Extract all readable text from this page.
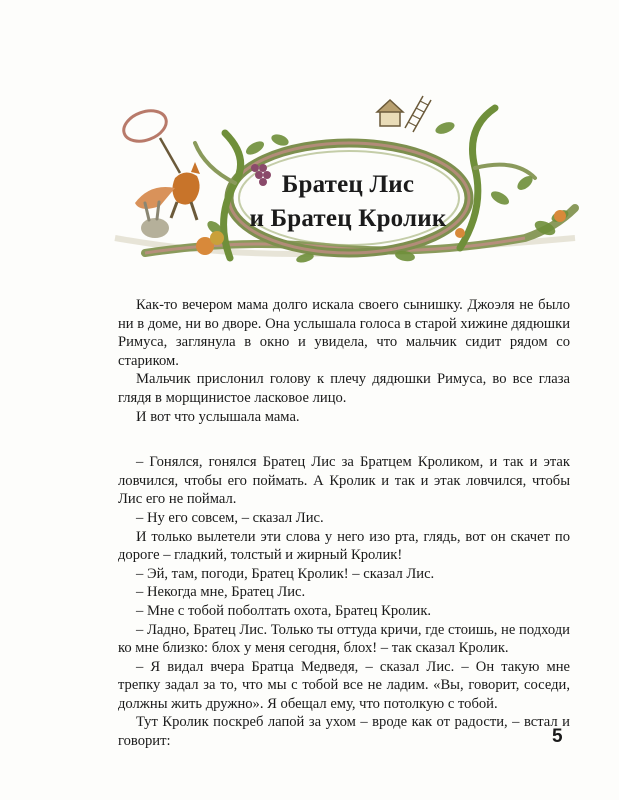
Братец Лис
и Братец Кролик

Как-то вечером мама долго искала своего сынишку. Джоэля не было ни в доме, ни во дворе. Она услышала голоса в старой хижине дядюшки Римуса, заглянула в окно и увидела, что мальчик сидит рядом со стариком.

Мальчик прислонил голову к плечу дядюшки Римуса, во все глаза глядя в морщинистое ласковое лицо.

И вот что услышала мама.

– Гонялся, гонялся Братец Лис за Братцем Кроликом, и так и этак ловчился, чтобы его поймать. А Кролик и так и этак ловчился, чтобы Лис его не поймал.

– Ну его совсем, – сказал Лис.

И только вылетели эти слова у него изо рта, глядь, вот он скачет по дороге – гладкий, толстый и жирный Кролик!

– Эй, там, погоди, Братец Кролик! – сказал Лис.

– Некогда мне, Братец Лис.

– Мне с тобой поболтать охота, Братец Кролик.

– Ладно, Братец Лис. Только ты оттуда кричи, где стоишь, не подходи ко мне близко: блох у меня сегодня, блох! – так сказал Кролик.

– Я видал вчера Братца Медведя, – сказал Лис. – Он такую мне трепку задал за то, что мы с тобой все не ладим. «Вы, говорит, соседи, должны жить дружно». Я обещал ему, что потолкую с тобой.

Тут Кролик поскреб лапой за ухом – вроде как от радости, – встал и говорит:	5
